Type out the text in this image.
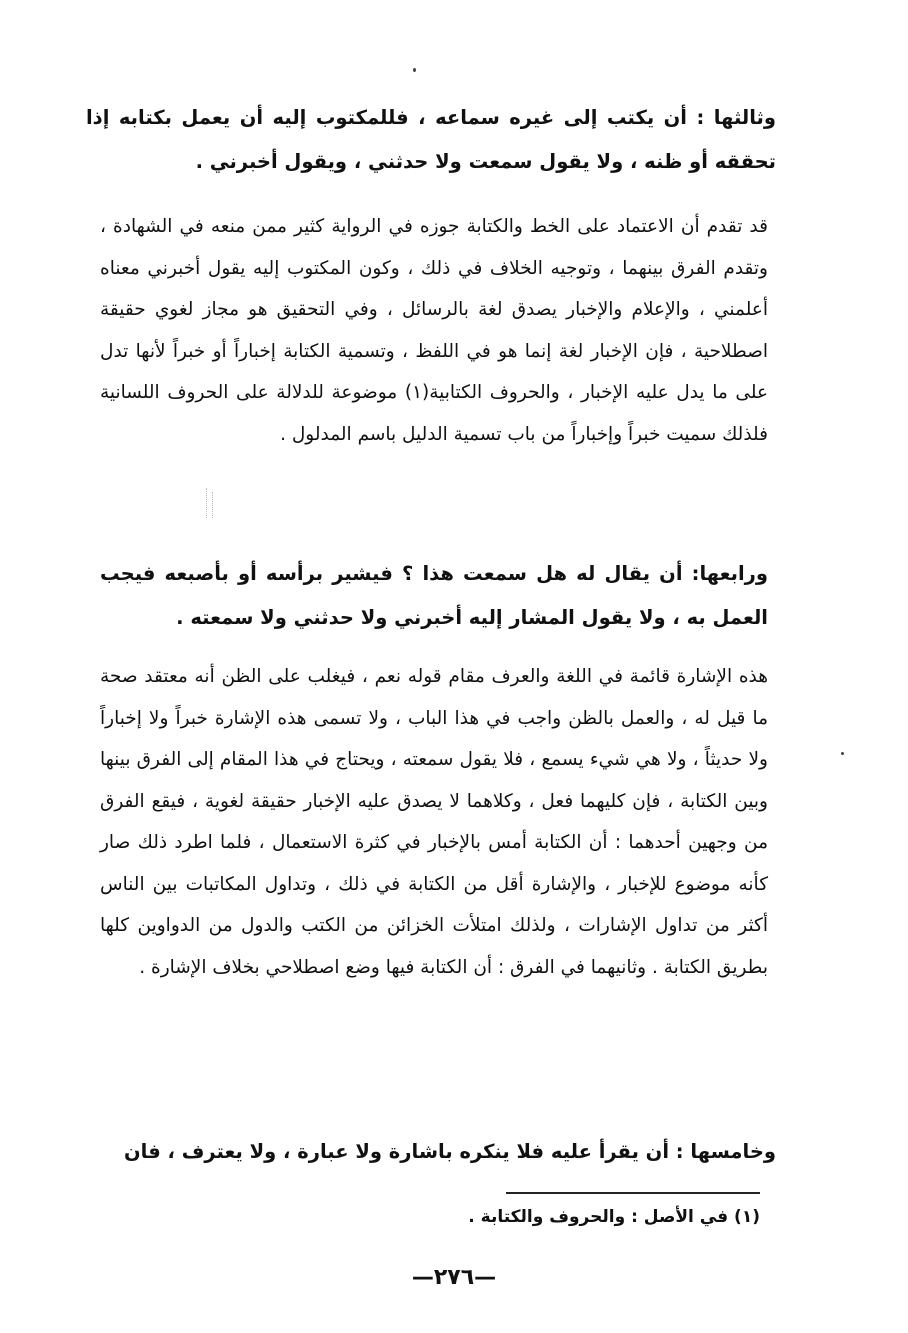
وثالثها : أن يكتب إلى غيره سماعه ، فللمكتوب إليه أن يعمل بكتابه إذا تحققه أو ظنه ، ولا يقول سمعت ولا حدثني ، ويقول أخبرني .

قد تقدم أن الاعتماد على الخط والكتابة جوزه في الرواية كثير ممن منعه في الشهادة ، وتقدم الفرق بينهما ، وتوجيه الخلاف في ذلك ، وكون المكتوب إليه يقول أخبرني معناه أعلمني ، والإعلام والإخبار يصدق لغة بالرسائل ، وفي التحقيق هو مجاز لغوي حقيقة اصطلاحية ، فإن الإخبار لغة إنما هو في اللفظ ، وتسمية الكتابة إخباراً أو خبراً لأنها تدل على ما يدل عليه الإخبار ، والحروف الكتابية(١) موضوعة للدلالة على الحروف اللسانية فلذلك سميت خبراً وإخباراً من باب تسمية الدليل باسم المدلول .

ورابعها: أن يقال له هل سمعت هذا ؟ فيشير برأسه أو بأصبعه فيجب العمل به ، ولا يقول المشار إليه أخبرني ولا حدثني ولا سمعته .

هذه الإشارة قائمة في اللغة والعرف مقام قوله نعم ، فيغلب على الظن أنه معتقد صحة ما قيل له ، والعمل بالظن واجب في هذا الباب ، ولا تسمى هذه الإشارة خبراً ولا إخباراً ولا حديثاً ، ولا هي شيء يسمع ، فلا يقول سمعته ، ويحتاج في هذا المقام إلى الفرق بينها وبين الكتابة ، فإن كليهما فعل ، وكلاهما لا يصدق عليه الإخبار حقيقة لغوية ، فيقع الفرق من وجهين أحدهما : أن الكتابة أمس بالإخبار في كثرة الاستعمال ، فلما اطرد ذلك صار كأنه موضوع للإخبار ، والإشارة أقل من الكتابة في ذلك ، وتداول المكاتبات بين الناس أكثر من تداول الإشارات ، ولذلك امتلأت الخزائن من الكتب والدول من الدواوين كلها بطريق الكتابة . وثانيهما في الفرق : أن الكتابة فيها وضع اصطلاحي بخلاف الإشارة .

وخامسها : أن يقرأ عليه فلا ينكره باشارة ولا عبارة ، ولا يعترف ، فان

(١) في الأصل : والحروف والكتابة .
—٢٧٦—
